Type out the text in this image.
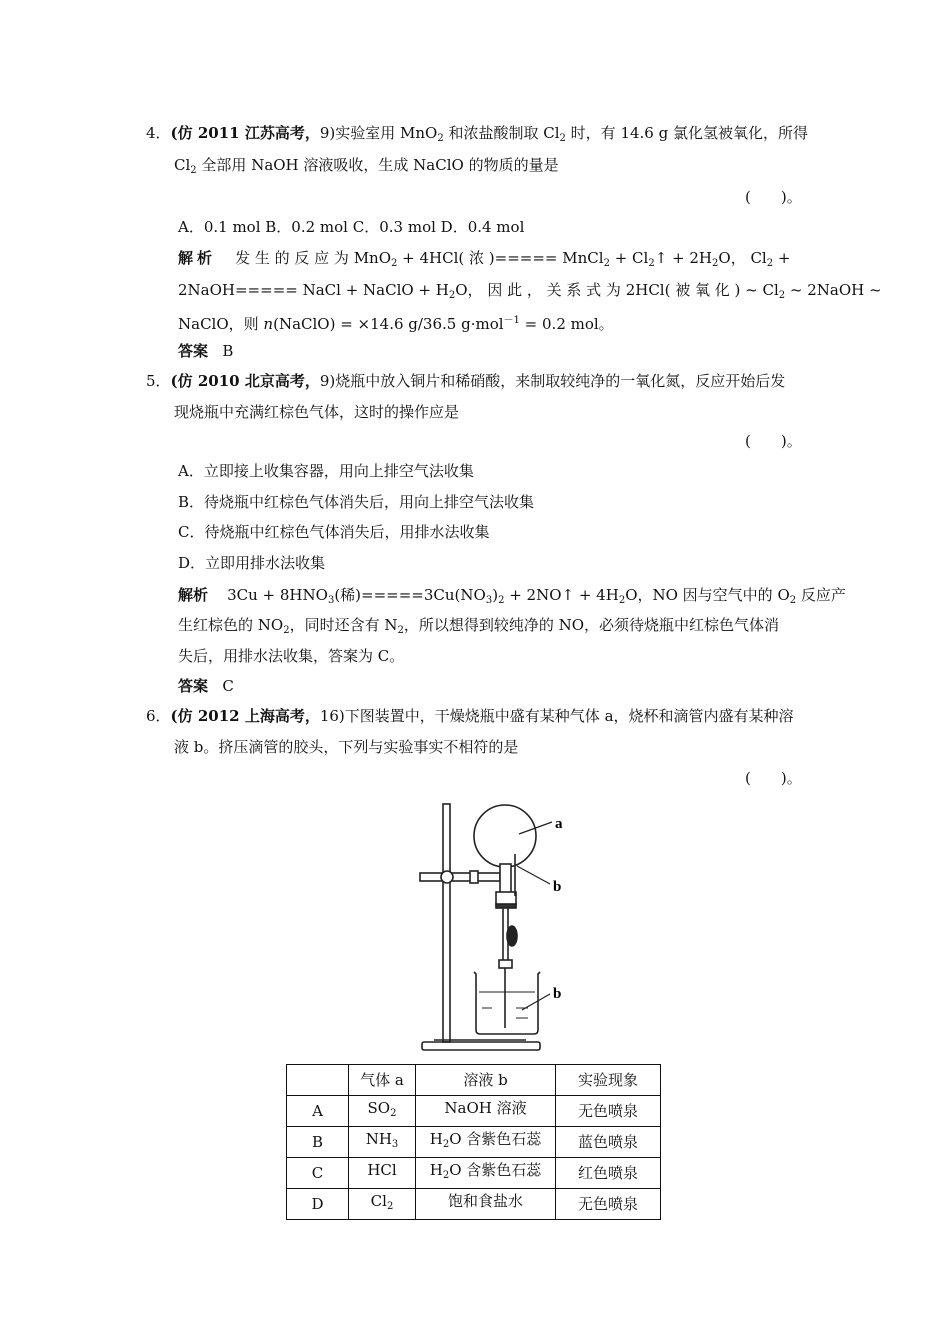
4．(仿 2011 江苏高考，9)实验室用 MnO$_2$ 和浓盐酸制取 $Cl_2$ 时，有 14.6 g 氯化氢被氧化，所得
$Cl_2$ 全部用 NaOH 溶液吸收，生成 NaClO 的物质的量是
(　　)。
A．0.1 mol B．0.2 mol C．0.3 mol D．0.4 mol
解析 发 生 的 反 应 为 MnO$_2$ + 4HCl( 浓 )===== MnCl$_2$ + $Cl_2↑ + 2H_2O$， $Cl_2$ +
2NaOH===== NaCl + NaClO + $H_2O$， 因 此 ， 关 系 式 为 2HCl( 被 氧 化 ) ~ $Cl_2$ ~ 2NaOH ~
NaClO，则 n(NaClO) = ×14.6 g/36.5 g·mol$^{-1}$ = 0.2 mol。
答案 B
5．(仿 2010 北京高考，9)烧瓶中放入铜片和稀硝酸，来制取较纯净的一氧化氮，反应开始后发
现烧瓶中充满红棕色气体，这时的操作应是
(　　)。
A．立即接上收集容器，用向上排空气法收集
B．待烧瓶中红棕色气体消失后，用向上排空气法收集
C．待烧瓶中红棕色气体消失后，用排水法收集
D．立即用排水法收集
解析 $3Cu + 8HNO_3$(稀)$=====3Cu(NO_3)_2$ + 2NO↑ + $4H_2O$，NO 因与空气中的 $O_2$ 反应产
生红棕色的 $NO_2$，同时还含有 $N_2$，所以想得到较纯净的 NO，必须待烧瓶中红棕色气体消
失后，用排水法收集，答案为 C。
答案 C
6．(仿 2012 上海高考，16)下图装置中，干燥烧瓶中盛有某种气体 a，烧杯和滴管内盛有某种溶
液 b。挤压滴管的胶头，下列与实验事实不相符的是
(　　)。
a
b
b
	气体 a	溶液 b	实验现象
A	$SO_2$	NaOH 溶液	无色喷泉
B	$NH_3$	$H_2O$ 含紫色石蕊	蓝色喷泉
C	HCl	$H_2O$ 含紫色石蕊	红色喷泉
D	$Cl_2$	饱和食盐水	无色喷泉
